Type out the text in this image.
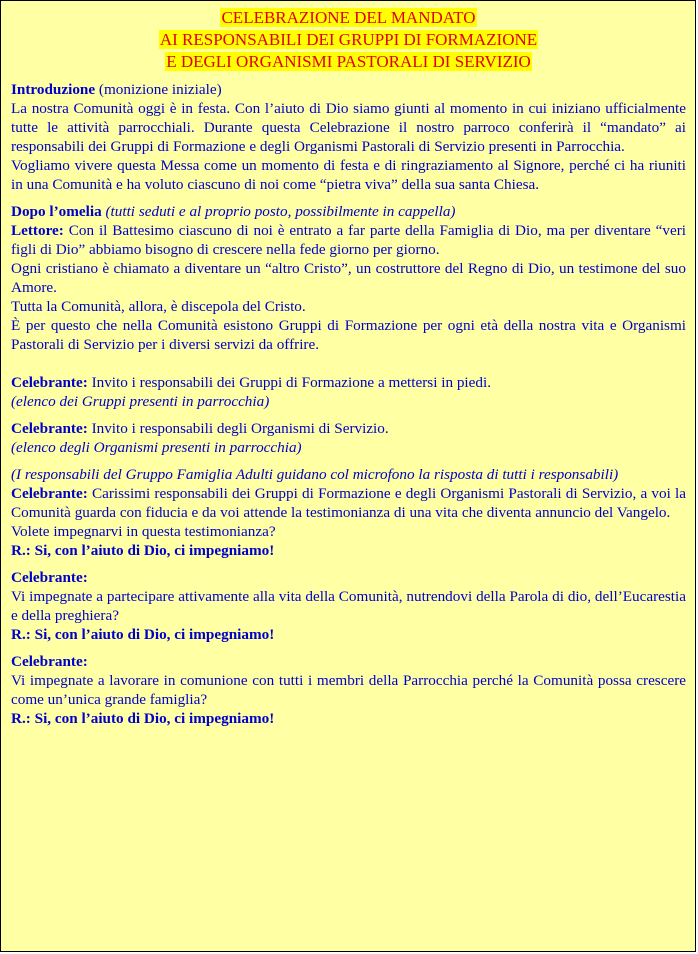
CELEBRAZIONE DEL MANDATO
AI RESPONSABILI DEI GRUPPI DI FORMAZIONE
E DEGLI ORGANISMI PASTORALI DI SERVIZIO

Introduzione (monizione iniziale)

La nostra Comunità oggi è in festa. Con l’aiuto di Dio siamo giunti al momento in cui iniziano ufficialmente tutte le attività parrocchiali. Durante questa Celebrazione il nostro parroco conferirà il “mandato” ai responsabili dei Gruppi di Formazione e degli Organismi Pastorali di Servizio presenti in Parrocchia.

Vogliamo vivere questa Messa come un momento di festa e di ringraziamento al Signore, perché ci ha riuniti in una Comunità e ha voluto ciascuno di noi come “pietra viva” della sua santa Chiesa.

Dopo l’omelia (tutti seduti e al proprio posto, possibilmente in cappella)

Lettore: Con il Battesimo ciascuno di noi è entrato a far parte della Famiglia di Dio, ma per diventare “veri figli di Dio” abbiamo bisogno di crescere nella fede giorno per giorno.

Ogni cristiano è chiamato a diventare un “altro Cristo”, un costruttore del Regno di Dio, un testimone del suo Amore.

Tutta la Comunità, allora, è discepola del Cristo.

È per questo che nella Comunità esistono Gruppi di Formazione per ogni età della nostra vita e Organismi Pastorali di Servizio per i diversi servizi da offrire.

Celebrante: Invito i responsabili dei Gruppi di Formazione a mettersi in piedi.

(elenco dei Gruppi presenti in parrocchia)

Celebrante: Invito i responsabili degli Organismi di Servizio.

(elenco degli Organismi presenti in parrocchia)

(I responsabili del Gruppo Famiglia Adulti guidano col microfono la risposta di tutti i responsabili)

Celebrante: Carissimi responsabili dei Gruppi di Formazione e degli Organismi Pastorali di Servizio, a voi la Comunità guarda con fiducia e da voi attende la testimonianza di una vita che diventa annuncio del Vangelo.

Volete impegnarvi in questa testimonianza?

R.: Si, con l’aiuto di Dio, ci impegniamo!

Celebrante:

Vi impegnate a partecipare attivamente alla vita della Comunità, nutrendovi della Parola di dio, dell’Eucarestia e della preghiera?

R.: Si, con l’aiuto di Dio, ci impegniamo!

Celebrante:

Vi impegnate a lavorare in comunione con tutti i membri della Parrocchia perché la Comunità possa crescere come un’unica grande famiglia?

R.: Si, con l’aiuto di Dio, ci impegniamo!
